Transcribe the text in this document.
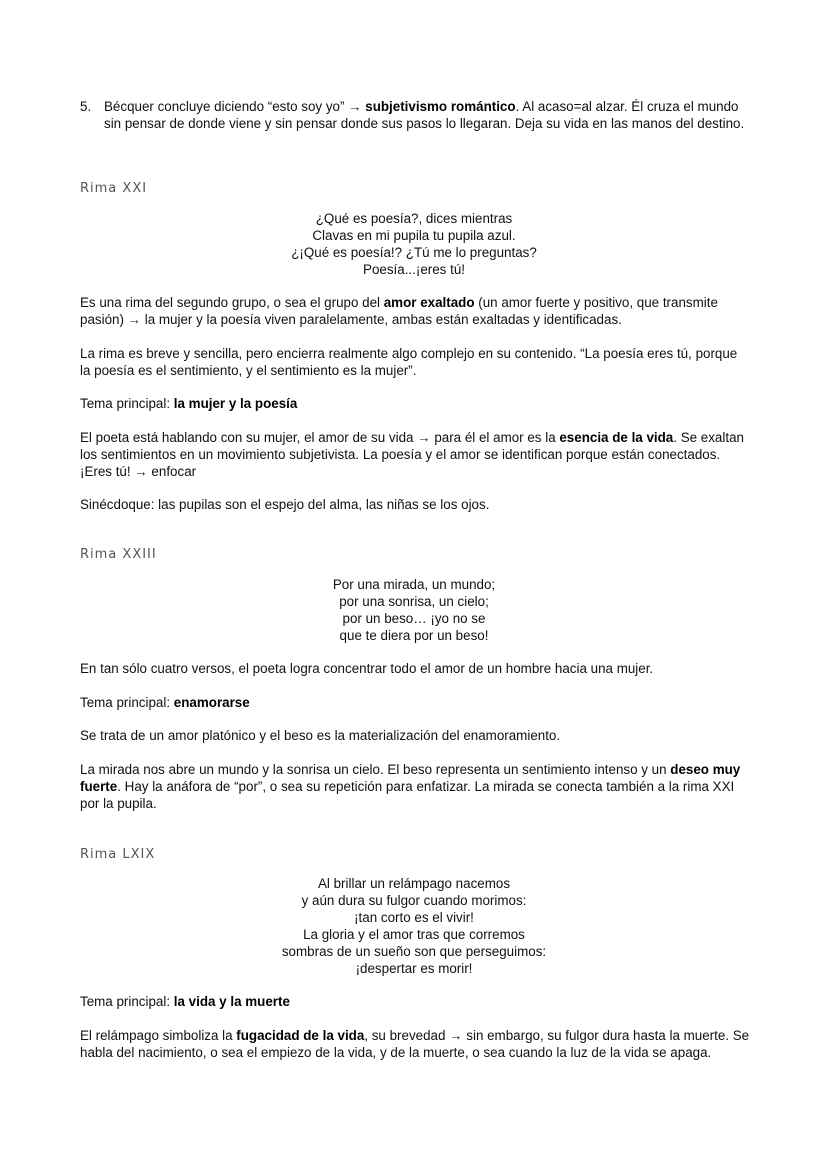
5. Bécquer concluye diciendo “esto soy yo” → subjetivismo romántico. Al acaso=al alzar. Él cruza el mundo sin pensar de donde viene y sin pensar donde sus pasos lo llegaran. Deja su vida en las manos del destino.
Rima XXI
¿Qué es poesía?, dices mientras
Clavas en mi pupila tu pupila azul.
¿¡Qué es poesía!? ¿Tú me lo preguntas?
Poesía...¡eres tú!
Es una rima del segundo grupo, o sea el grupo del amor exaltado (un amor fuerte y positivo, que transmite pasión) → la mujer y la poesía viven paralelamente, ambas están exaltadas y identificadas.
La rima es breve y sencilla, pero encierra realmente algo complejo en su contenido. “La poesía eres tú, porque la poesía es el sentimiento, y el sentimiento es la mujer”.
Tema principal: la mujer y la poesía
El poeta está hablando con su mujer, el amor de su vida → para él el amor es la esencia de la vida. Se exaltan los sentimientos en un movimiento subjetivista. La poesía y el amor se identifican porque están conectados. ¡Eres tú! → enfocar
Sinécdoque: las pupilas son el espejo del alma, las niñas se los ojos.
Rima XXIII
Por una mirada, un mundo;
por una sonrisa, un cielo;
por un beso… ¡yo no se
que te diera por un beso!
En tan sólo cuatro versos, el poeta logra concentrar todo el amor de un hombre hacia una mujer.
Tema principal: enamorarse
Se trata de un amor platónico y el beso es la materialización del enamoramiento.
La mirada nos abre un mundo y la sonrisa un cielo. El beso representa un sentimiento intenso y un deseo muy fuerte. Hay la anáfora de “por”, o sea su repetición para enfatizar. La mirada se conecta también a la rima XXI por la pupila.
Rima LXIX
Al brillar un relámpago nacemos
y aún dura su fulgor cuando morimos:
¡tan corto es el vivir!
La gloria y el amor tras que corremos
sombras de un sueño son que perseguimos:
¡despertar es morir!
Tema principal: la vida y la muerte
El relámpago simboliza la fugacidad de la vida, su brevedad → sin embargo, su fulgor dura hasta la muerte. Se habla del nacimiento, o sea el empiezo de la vida, y de la muerte, o sea cuando la luz de la vida se apaga.
